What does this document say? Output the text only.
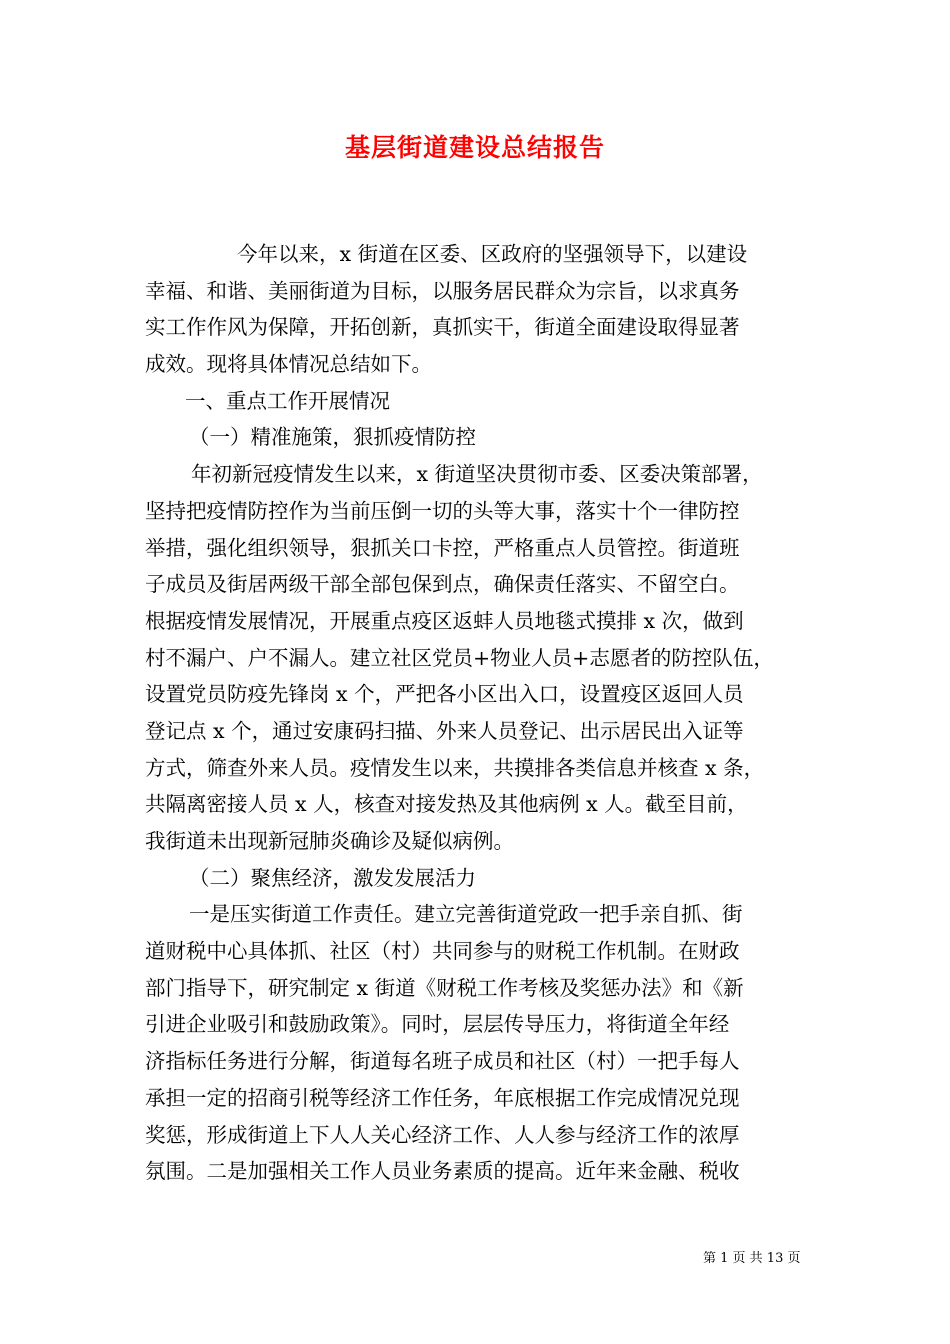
基层街道建设总结报告
今年以来，x 街道在区委、区政府的坚强领导下，以建设
幸福、和谐、美丽街道为目标，以服务居民群众为宗旨，以求真务
实工作作风为保障，开拓创新，真抓实干，街道全面建设取得显著
成效。现将具体情况总结如下。
一、重点工作开展情况
（一）精准施策，狠抓疫情防控
年初新冠疫情发生以来，x 街道坚决贯彻市委、区委决策部署，
坚持把疫情防控作为当前压倒一切的头等大事，落实十个一律防控
举措，强化组织领导，狠抓关口卡控，严格重点人员管控。街道班
子成员及街居两级干部全部包保到点，确保责任落实、不留空白。
根据疫情发展情况，开展重点疫区返蚌人员地毯式摸排 x 次，做到
村不漏户、户不漏人。建立社区党员+物业人员+志愿者的防控队伍，
设置党员防疫先锋岗 x 个，严把各小区出入口，设置疫区返回人员
登记点 x 个，通过安康码扫描、外来人员登记、出示居民出入证等
方式，筛查外来人员。疫情发生以来，共摸排各类信息并核查 x 条，
共隔离密接人员 x 人，核查对接发热及其他病例 x 人。截至目前，
我街道未出现新冠肺炎确诊及疑似病例。
（二）聚焦经济，激发发展活力
一是压实街道工作责任。建立完善街道党政一把手亲自抓、街
道财税中心具体抓、社区（村）共同参与的财税工作机制。在财政
部门指导下，研究制定 x 街道《财税工作考核及奖惩办法》和《新
引进企业吸引和鼓励政策》。同时，层层传导压力，将街道全年经
济指标任务进行分解，街道每名班子成员和社区（村）一把手每人
承担一定的招商引税等经济工作任务，年底根据工作完成情况兑现
奖惩，形成街道上下人人关心经济工作、人人参与经济工作的浓厚
氛围。二是加强相关工作人员业务素质的提高。近年来金融、税收
第 1 页 共 13 页
